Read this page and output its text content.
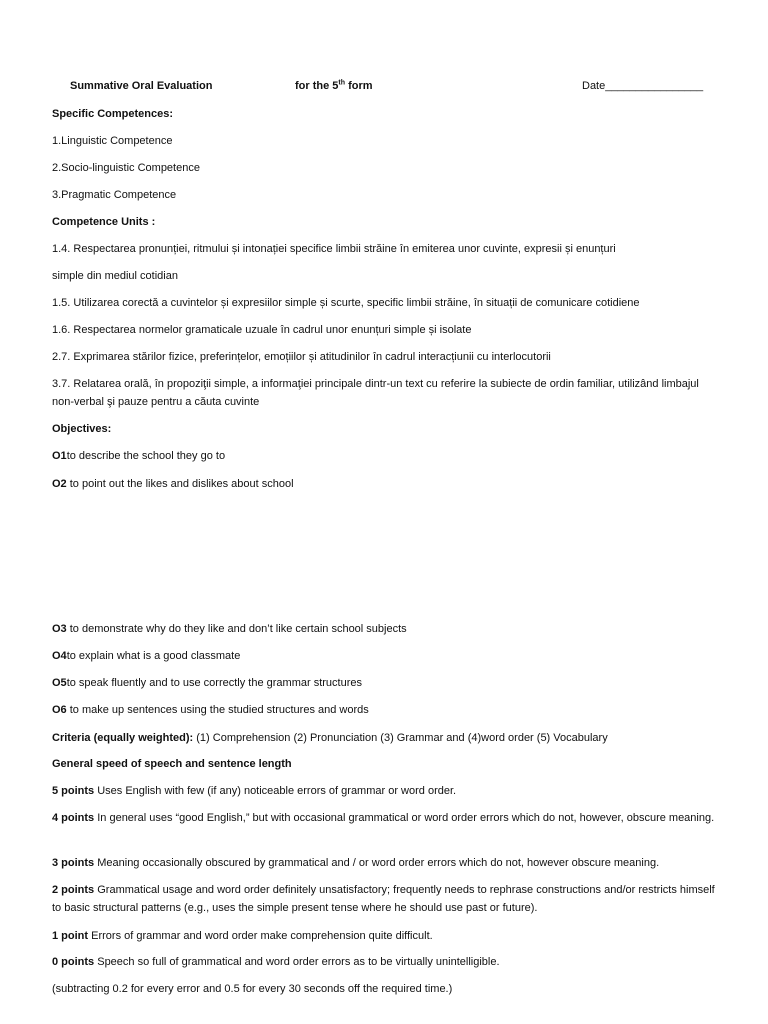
Summative Oral Evaluation	for the 5th form	Date________________
Specific Competences:
1.Linguistic Competence
2.Socio-linguistic Competence
3.Pragmatic Competence
Competence Units :
1.4. Respectarea pronunției, ritmului și intonației specifice limbii străine în emiterea unor cuvinte, expresii și enunțuri
simple din mediul cotidian
1.5. Utilizarea corectă a cuvintelor și expresiilor simple și scurte, specific limbii străine, în situații de comunicare cotidiene
1.6. Respectarea normelor gramaticale uzuale în cadrul unor enunțuri simple și isolate
2.7. Exprimarea stărilor fizice, preferințelor, emoțiilor și atitudinilor în cadrul interacțiunii cu interlocutorii
3.7. Relatarea orală, în propoziţii simple, a informaţiei principale dintr-un text cu referire la subiecte de ordin familiar, utilizând limbajul non-verbal şi pauze pentru a căuta cuvinte
Objectives:
O1to describe the school they go to
O2 to point out the likes and dislikes about school
O3 to demonstrate why do they like and don’t like certain school subjects
O4to explain what is a good classmate
O5to speak fluently and to use correctly the grammar structures
O6 to make up sentences using the studied structures and words
Criteria (equally weighted): (1) Comprehension (2) Pronunciation (3) Grammar and (4)word order (5) Vocabulary
General speed of speech and sentence length
5 points Uses English with few (if any) noticeable errors of grammar or word order.
4 points In general uses “good English,” but with occasional grammatical or word order errors which do not, however, obscure meaning.
3 points Meaning occasionally obscured by grammatical and / or word order errors which do not, however obscure meaning.
2 points Grammatical usage and word order definitely unsatisfactory; frequently needs to rephrase constructions and/or restricts himself to basic structural patterns (e.g., uses the simple present tense where he should use past or future).
1 point Errors of grammar and word order make comprehension quite difficult.
0 points Speech so full of grammatical and word order errors as to be virtually unintelligible.
(subtracting 0.2 for every error and 0.5 for every 30 seconds off the required time.)
